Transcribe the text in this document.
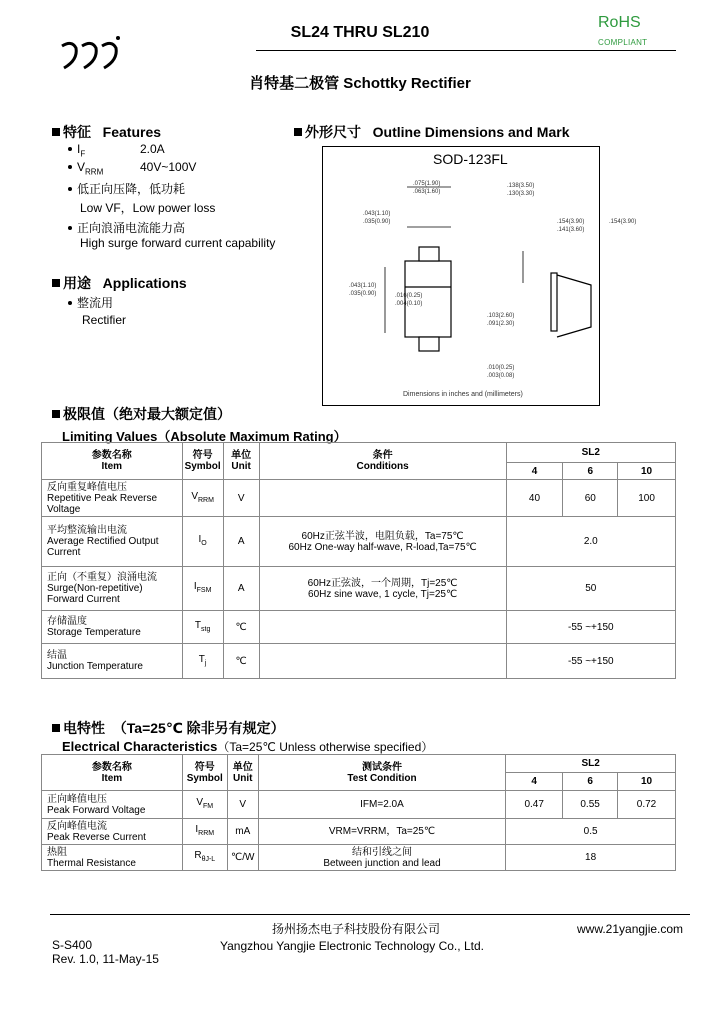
SL24 THRU SL210
RoHS
COMPLIANT
肖特基二极管 Schottky Rectifier
特征 Features
$I_F$	2.0A
$V_{RRM}$	40V~100V
低正向压降，低功耗
Low VF，Low power loss
正向浪涌电流能力高
High surge forward current capability
用途 Applications
整流用
Rectifier
外形尺寸 Outline Dimensions and Mark
SOD-123FL
.075(1.90)
.063(1.60)
.043(1.10)
.035(0.90)
.138(3.50)
.130(3.30)
.043(1.10)
.035(0.90)
.154(3.90)
.154(3.90)
.141(3.60)
.103(2.60)
.091(2.30)
.010(0.25)
.003(0.08)
.016(0.25)
.004(0.10)
Dimensions in inches and (millimeters)
极限值（绝对最大额定值）
Limiting Values（Absolute Maximum Rating）
参数名称
Item	符号
Symbol	单位
Unit	条件
Conditions	SL2		
				4	6	10
反向重复峰值电压
Repetitive Peak Reverse
Voltage	$V_{RRM}$	V		40	60	100
平均整流输出电流
Average Rectified Output
Current	$I_O$	A	60Hz正弦半波，电阻负载，Ta=75℃
60Hz One-way half-wave, R-load,Ta=75℃	2.0		
正向（不重复）浪涌电流
Surge(Non-repetitive)
Forward Current	$I_{FSM}$	A	60Hz正弦波，一个周期，Tj=25℃
60Hz sine wave, 1 cycle, Tj=25℃	50		
存储温度
Storage Temperature	$T_{stg}$	℃		-55 ~+150		
结温
Junction Temperature	$T_j$	℃		-55 ~+150		
电特性 （Ta=25℃ 除非另有规定）
Electrical Characteristics（Ta=25℃ Unless otherwise specified）
参数名称
Item	符号
Symbol	单位
Unit	测试条件
Test Condition	SL2		
				4	6	10
正向峰值电压
Peak Forward Voltage	$V_{FM}$	V	IFM=2.0A	0.47	0.55	0.72
反向峰值电流
Peak Reverse Current	$I_{RRM}$	mA	VRM=VRRM，Ta=25℃	0.5		
热阻
Thermal Resistance	$R_{\theta J-L}$	℃/W	结和引线之间
Between junction and lead	18		
扬州扬杰电子科技股份有限公司	www.21yangjie.com
S-S400	Yangzhou Yangjie Electronic Technology Co., Ltd.
Rev. 1.0, 11-May-15
